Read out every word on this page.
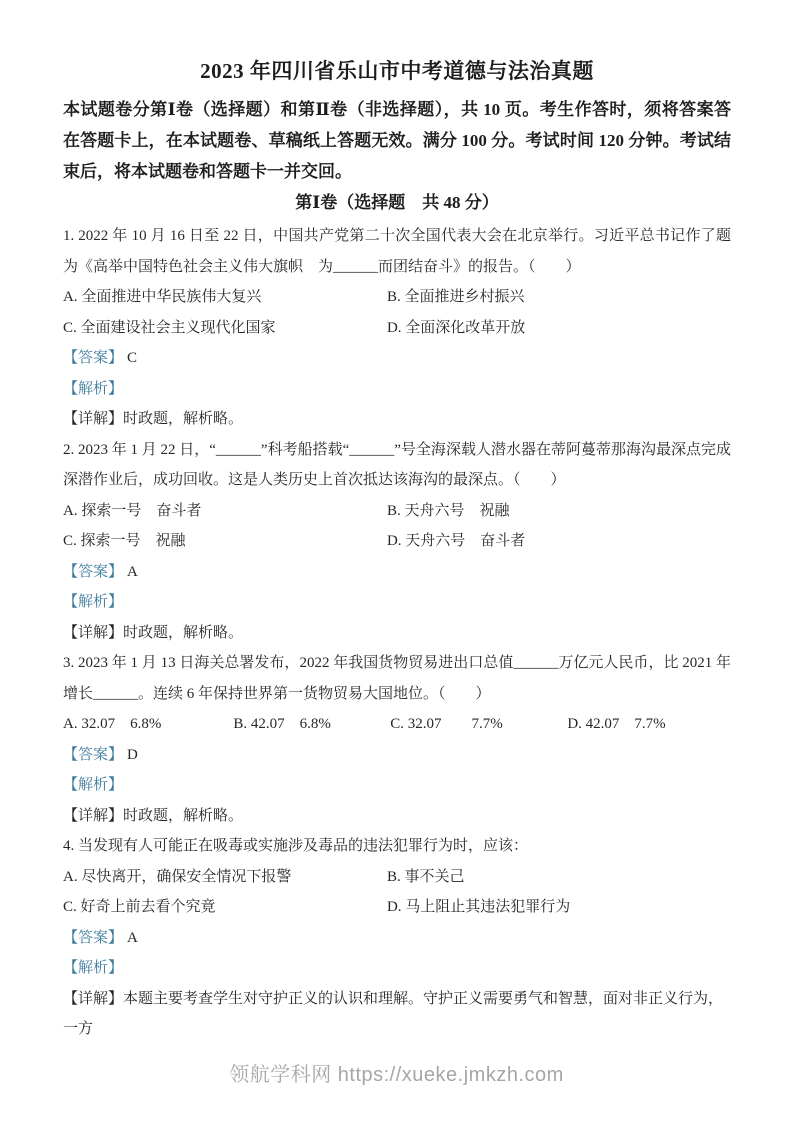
2023 年四川省乐山市中考道德与法治真题

本试题卷分第Ⅰ卷（选择题）和第Ⅱ卷（非选择题），共 10 页。考生作答时，须将答案答在答题卡上，在本试题卷、草稿纸上答题无效。满分 100 分。考试时间 120 分钟。考试结束后，将本试题卷和答题卡一并交回。

第Ⅰ卷（选择题　共 48 分）

1. 2022 年 10 月 16 日至 22 日，中国共产党第二十次全国代表大会在北京举行。习近平总书记作了题为《高举中国特色社会主义伟大旗帜　为______而团结奋斗》的报告。（　　）

A. 全面推进中华民族伟大复兴	B. 全面推进乡村振兴
C. 全面建设社会主义现代化国家	D. 全面深化改革开放

【答案】 C

【解析】

【详解】时政题，解析略。

2. 2023 年 1 月 22 日，“______”科考船搭载“______”号全海深载人潜水器在蒂阿蔓蒂那海沟最深点完成深潜作业后，成功回收。这是人类历史上首次抵达该海沟的最深点。（　　）

A. 探索一号　奋斗者	B. 天舟六号　祝融
C. 探索一号　祝融	D. 天舟六号　奋斗者

【答案】 A

【解析】

【详解】时政题，解析略。

3. 2023 年 1 月 13 日海关总署发布，2022 年我国货物贸易进出口总值______万亿元人民币，比 2021 年增长______。连续 6 年保持世界第一货物贸易大国地位。（　　）

A. 32.07 6.8%	B. 42.07 6.8%	C. 32.07  7.7%	D. 42.07 7.7%

【答案】 D

【解析】

【详解】时政题，解析略。

4. 当发现有人可能正在吸毒或实施涉及毒品的违法犯罪行为时，应该：

A. 尽快离开，确保安全情况下报警	B. 事不关己
C. 好奇上前去看个究竟	D. 马上阻止其违法犯罪行为

【答案】 A

【解析】

【详解】本题主要考查学生对守护正义的认识和理解。守护正义需要勇气和智慧，面对非正义行为，一方

领航学科网 https://xueke.jmkzh.com
